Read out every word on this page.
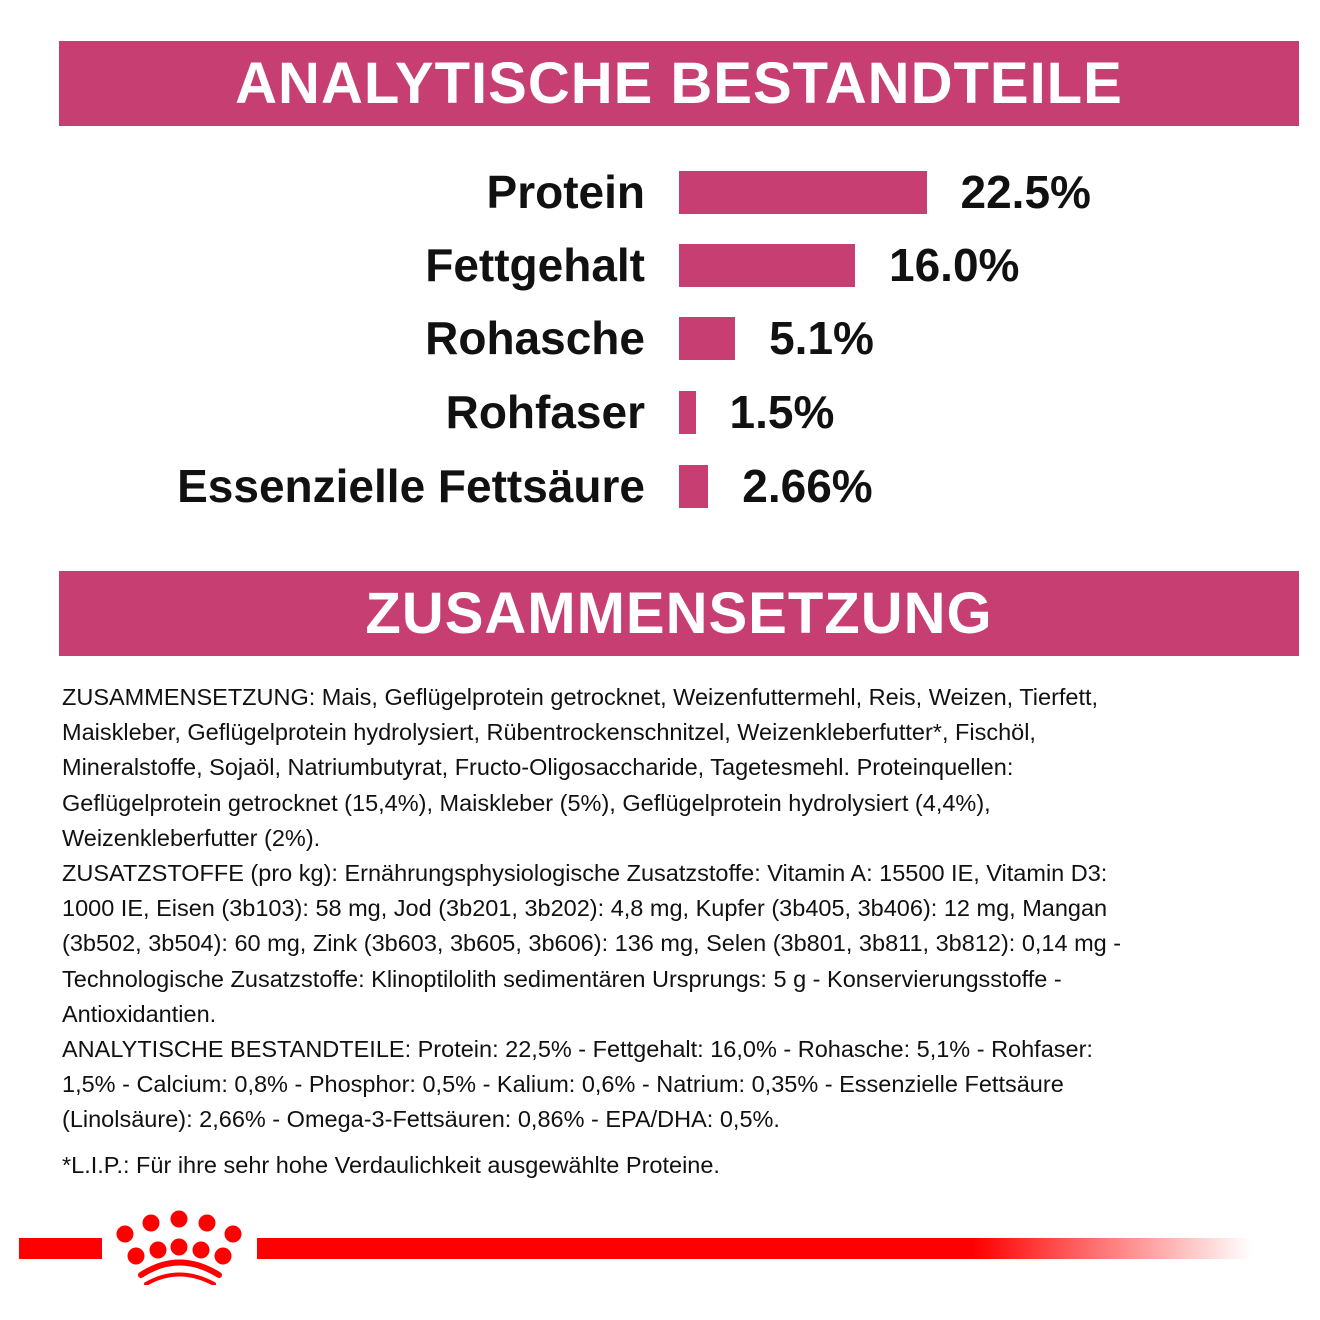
ANALYTISCHE BESTANDTEILE
Protein	22.5%
Fettgehalt	16.0%
Rohasche	5.1%
Rohfaser 1.5%
Essenzielle Fettsäure 2.66%
ZUSAMMENSETZUNG
ZUSAMMENSETZUNG: Mais, Geflügelprotein getrocknet, Weizenfuttermehl, Reis, Weizen, Tierfett,
Maiskleber, Geflügelprotein hydrolysiert, Rübentrockenschnitzel, Weizenkleberfutter*, Fischöl,
Mineralstoffe, Sojaöl, Natriumbutyrat, Fructo-Oligosaccharide, Tagetesmehl. Proteinquellen:
Geflügelprotein getrocknet (15,4%), Maiskleber (5%), Geflügelprotein hydrolysiert (4,4%),
Weizenkleberfutter (2%).
ZUSATZSTOFFE (pro kg): Ernährungsphysiologische Zusatzstoffe: Vitamin A: 15500 IE, Vitamin D3:
1000 IE, Eisen (3b103): 58 mg, Jod (3b201, 3b202): 4,8 mg, Kupfer (3b405, 3b406): 12 mg, Mangan
(3b502, 3b504): 60 mg, Zink (3b603, 3b605, 3b606): 136 mg, Selen (3b801, 3b811, 3b812): 0,14 mg -
Technologische Zusatzstoffe: Klinoptilolith sedimentären Ursprungs: 5 g - Konservierungsstoffe -
Antioxidantien.
ANALYTISCHE BESTANDTEILE: Protein: 22,5% - Fettgehalt: 16,0% - Rohasche: 5,1% - Rohfaser:
1,5% - Calcium: 0,8% - Phosphor: 0,5% - Kalium: 0,6% - Natrium: 0,35% - Essenzielle Fettsäure
(Linolsäure): 2,66% - Omega-3-Fettsäuren: 0,86% - EPA/DHA: 0,5%.
*L.I.P.: Für ihre sehr hohe Verdaulichkeit ausgewählte Proteine.
